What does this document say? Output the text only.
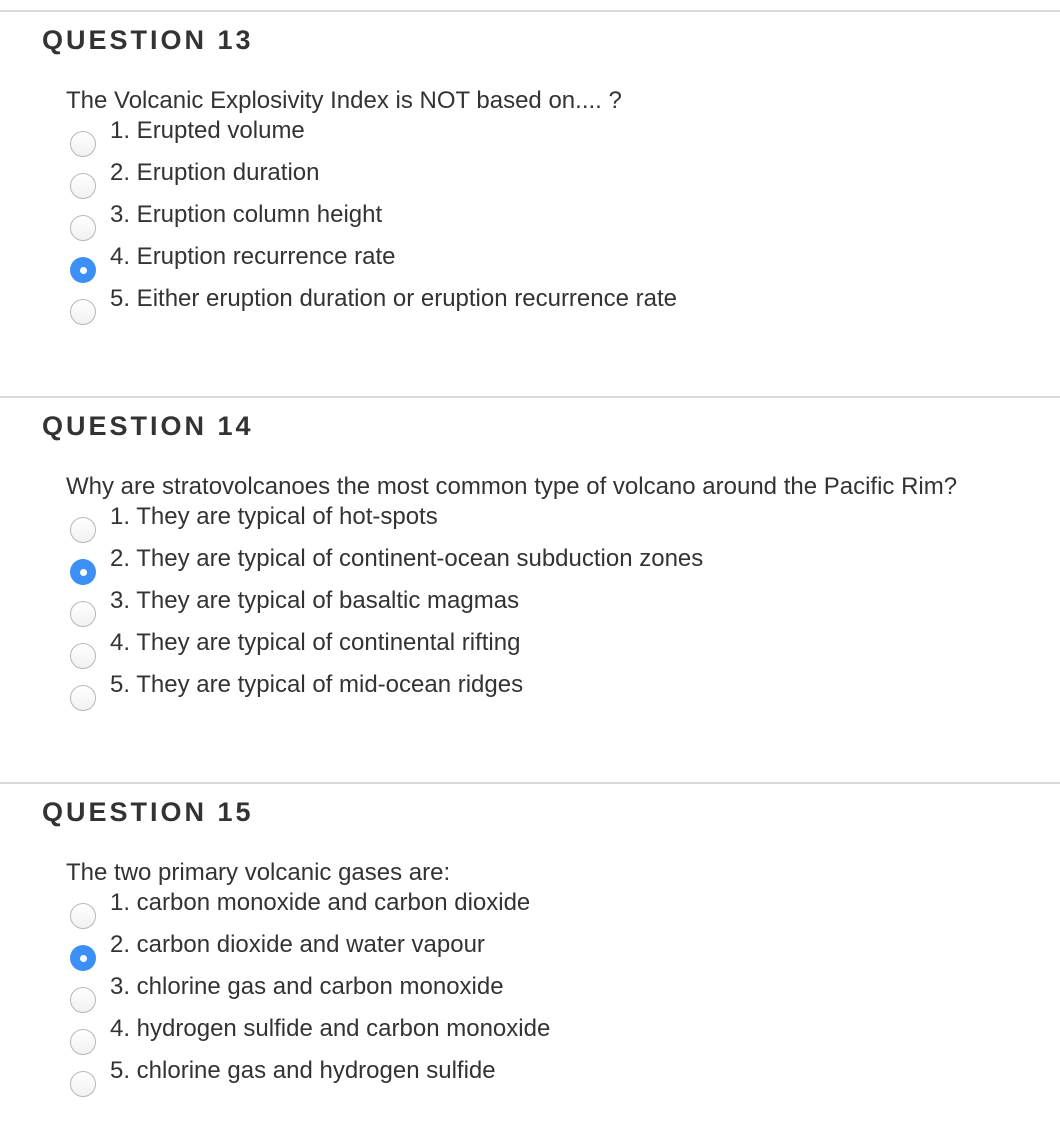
QUESTION 13

The Volcanic Explosivity Index is NOT based on.... ?

1. Erupted volume
2. Eruption duration
3. Eruption column height
4. Eruption recurrence rate
5. Either eruption duration or eruption recurrence rate
QUESTION 14

Why are stratovolcanoes the most common type of volcano around the Pacific Rim?

1. They are typical of hot-spots
2. They are typical of continent-ocean subduction zones
3. They are typical of basaltic magmas
4. They are typical of continental rifting
5. They are typical of mid-ocean ridges
QUESTION 15

The two primary volcanic gases are:

1. carbon monoxide and carbon dioxide
2. carbon dioxide and water vapour
3. chlorine gas and carbon monoxide
4. hydrogen sulfide and carbon monoxide
5. chlorine gas and hydrogen sulfide
